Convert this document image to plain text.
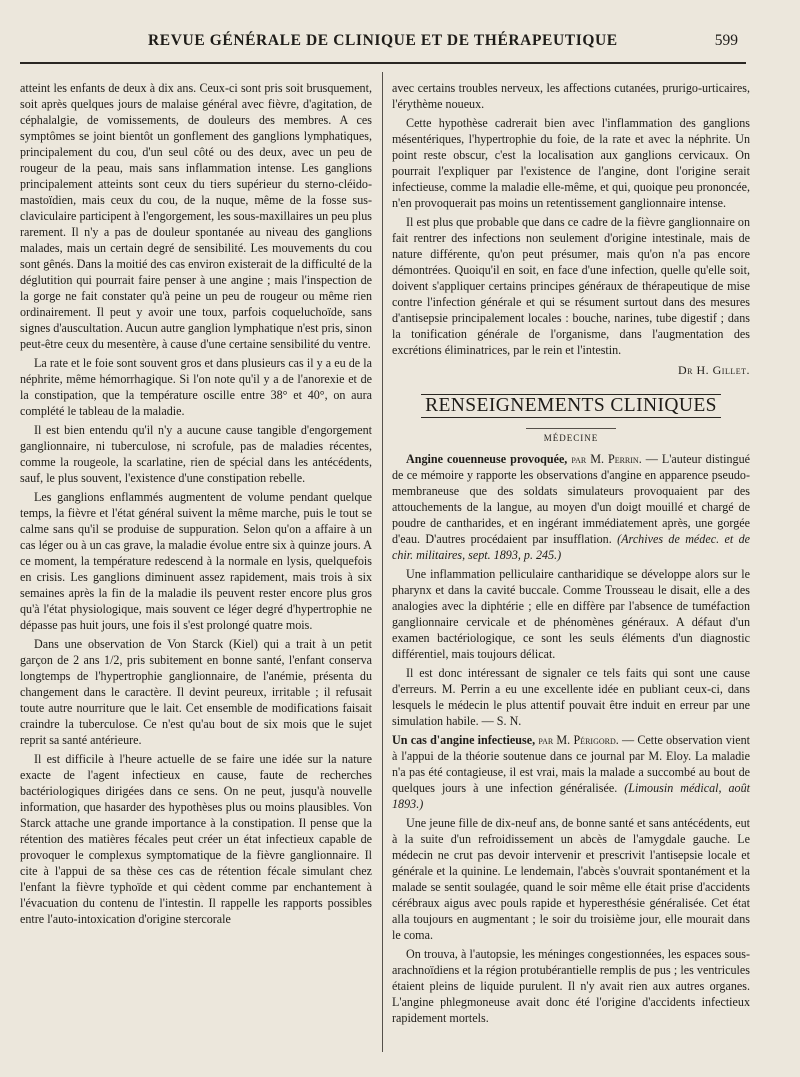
REVUE GÉNÉRALE DE CLINIQUE ET DE THÉRAPEUTIQUE	599

atteint les enfants de deux à dix ans. Ceux-ci sont pris soit brusquement, soit après quelques jours de malaise général avec fièvre, d'agitation, de céphalalgie, de vomissements, de douleurs des membres. A ces symptômes se joint bientôt un gonflement des ganglions lymphatiques, principalement du cou, d'un seul côté ou des deux, avec un peu de rougeur de la peau, mais sans inflammation intense. Les ganglions principalement atteints sont ceux du tiers supérieur du sterno-cléido-mastoïdien, mais ceux du cou, de la nuque, même de la fosse sus-claviculaire participent à l'engorgement, les sous-maxillaires un peu plus rarement. Il n'y a pas de douleur spontanée au niveau des ganglions malades, mais un certain degré de sensibilité. Les mouvements du cou sont gênés. Dans la moitié des cas environ existerait de la difficulté de la déglutition qui pourrait faire penser à une angine ; mais l'inspection de la gorge ne fait constater qu'à peine un peu de rougeur ou même rien ordinairement. Il peut y avoir une toux, parfois coqueluchoïde, sans signes d'auscultation. Aucun autre ganglion lymphatique n'est pris, sinon peut-être ceux du mesentère, à cause d'une certaine sensibilité du ventre.

La rate et le foie sont souvent gros et dans plusieurs cas il y a eu de la néphrite, même hémorrhagique. Si l'on note qu'il y a de l'anorexie et de la constipation, que la température oscille entre 38° et 40°, on aura complété le tableau de la maladie.

Il est bien entendu qu'il n'y a aucune cause tangible d'engorgement ganglionnaire, ni tuberculose, ni scrofule, pas de maladies récentes, comme la rougeole, la scarlatine, rien de spécial dans les antécédents, sauf, le plus souvent, l'existence d'une constipation rebelle.

Les ganglions enflammés augmentent de volume pendant quelque temps, la fièvre et l'état général suivent la même marche, puis le tout se calme sans qu'il se produise de suppuration. Selon qu'on a affaire à un cas léger ou à un cas grave, la maladie évolue entre six à quinze jours. A ce moment, la température redescend à la normale en lysis, quelquefois en crisis. Les ganglions diminuent assez rapidement, mais trois à six semaines après la fin de la maladie ils peuvent rester encore plus gros qu'à l'état physiologique, mais souvent ce léger degré d'hypertrophie ne dépasse pas huit jours, une fois il s'est prolongé quatre mois.

Dans une observation de Von Starck (Kiel) qui a trait à un petit garçon de 2 ans 1/2, pris subitement en bonne santé, l'enfant conserva longtemps de l'hypertrophie ganglionnaire, de l'anémie, présenta du changement dans le caractère. Il devint peureux, irritable ; il refusait toute autre nourriture que le lait. Cet ensemble de modifications faisait craindre la tuberculose. Ce n'est qu'au bout de six mois que le sujet reprit sa santé antérieure.

Il est difficile à l'heure actuelle de se faire une idée sur la nature exacte de l'agent infectieux en cause, faute de recherches bactériologiques dirigées dans ce sens. On ne peut, jusqu'à nouvelle information, que hasarder des hypothèses plus ou moins plausibles. Von Starck attache une grande importance à la constipation. Il pense que la rétention des matières fécales peut créer un état infectieux capable de provoquer le complexus symptomatique de la fièvre ganglionnaire. Il cite à l'appui de sa thèse ces cas de rétention fécale simulant chez l'enfant la fièvre typhoïde et qui cèdent comme par enchantement à l'évacuation du contenu de l'intestin. Il rappelle les rapports possibles entre l'auto-intoxication d'origine stercorale

avec certains troubles nerveux, les affections cutanées, prurigo-urticaires, l'érythème noueux.

Cette hypothèse cadrerait bien avec l'inflammation des ganglions mésentériques, l'hypertrophie du foie, de la rate et avec la néphrite. Un point reste obscur, c'est la localisation aux ganglions cervicaux. On pourrait l'expliquer par l'existence de l'angine, dont l'origine serait infectieuse, comme la maladie elle-même, et qui, quoique peu prononcée, n'en provoquerait pas moins un retentissement ganglionnaire intense.

Il est plus que probable que dans ce cadre de la fièvre ganglionnaire on fait rentrer des infections non seulement d'origine intestinale, mais de nature différente, qu'on peut présumer, mais qu'on n'a pas encore démontrées. Quoiqu'il en soit, en face d'une infection, quelle qu'elle soit, doivent s'appliquer certains principes généraux de thérapeutique de mise contre l'infection générale et qui se résument surtout dans des mesures d'antisepsie principalement locales : bouche, narines, tube digestif ; dans la tonification générale de l'organisme, dans l'augmentation des excrétions éliminatrices, par le rein et l'intestin.

Dr H. Gillet.
RENSEIGNEMENTS CLINIQUES
MÉDECINE

Angine couenneuse provoquée, par M. Perrin. — L'auteur distingué de ce mémoire y rapporte les observations d'angine en apparence pseudo-membraneuse que des soldats simulateurs provoquaient par des attouchements de la langue, au moyen d'un doigt mouillé et chargé de poudre de cantharides, et en ingérant immédiatement après, une gorgée d'eau. D'autres procédaient par insufflation. (Archives de médec. et de chir. militaires, sept. 1893, p. 245.)

Une inflammation pelliculaire cantharidique se développe alors sur le pharynx et dans la cavité buccale. Comme Trousseau le disait, elle a des analogies avec la diphtérie ; elle en diffère par l'absence de tuméfaction ganglionnaire cervicale et de phénomènes généraux. A défaut d'un examen bactériologique, ce sont les seuls éléments d'un diagnostic différentiel, mais toujours délicat.

Il est donc intéressant de signaler ce tels faits qui sont une cause d'erreurs. M. Perrin a eu une excellente idée en publiant ceux-ci, dans lesquels le médecin le plus attentif pouvait être induit en erreur par une simulation habile. — S. N.

Un cas d'angine infectieuse, par M. Périgord. — Cette observation vient à l'appui de la théorie soutenue dans ce journal par M. Eloy. La maladie n'a pas été contagieuse, il est vrai, mais la malade a succombé au bout de quelques jours à une infection généralisée. (Limousin médical, août 1893.)

Une jeune fille de dix-neuf ans, de bonne santé et sans antécédents, eut à la suite d'un refroidissement un abcès de l'amygdale gauche. Le médecin ne crut pas devoir intervenir et prescrivit l'antisepsie locale et générale et la quinine. Le lendemain, l'abcès s'ouvrait spontanément et la malade se sentit soulagée, quand le soir même elle était prise d'accidents cérébraux aigus avec pouls rapide et hyperesthésie généralisée. Cet état alla toujours en augmentant ; le soir du troisième jour, elle mourait dans le coma.

On trouva, à l'autopsie, les méninges congestionnées, les espaces sous-arachnoïdiens et la région protubérantielle remplis de pus ; les ventricules étaient pleins de liquide purulent. Il n'y avait rien aux autres organes. L'angine phlegmoneuse avait donc été l'origine d'accidents infectieux rapidement mortels.
